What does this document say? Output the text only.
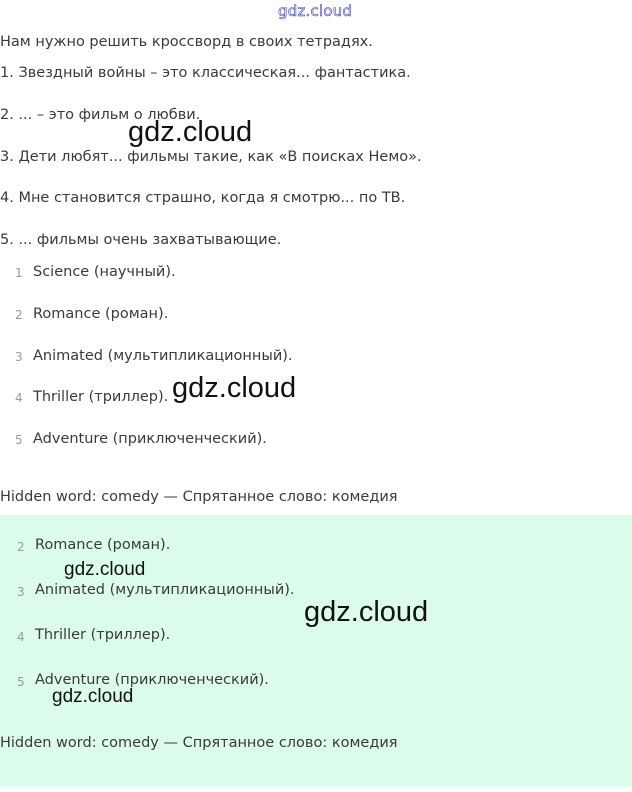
gdz.cloud
Нам нужно решить кроссворд в своих тетрадях.
1. Звездный войны – это классическая... фантастика.
2. ... – это фильм о любви.
3. Дети любят... фильмы такие, как «В поисках Немо».
4. Мне становится страшно, когда я смотрю... по ТВ.
5. ... фильмы очень захватывающие.
1 Science (научный).
2 Romance (роман).
3 Animated (мультипликационный).
4 Thriller (триллер).
5 Adventure (приключенческий).
Hidden word: comedy — Спрятанное слово: комедия
2 Romance (роман).
3 Animated (мультипликационный).
4 Thriller (триллер).
5 Adventure (приключенческий).
Hidden word: comedy — Спрятанное слово: комедия
gdz.cloud
gdz.cloud
gdz.cloud
gdz.cloud
gdz.cloud
